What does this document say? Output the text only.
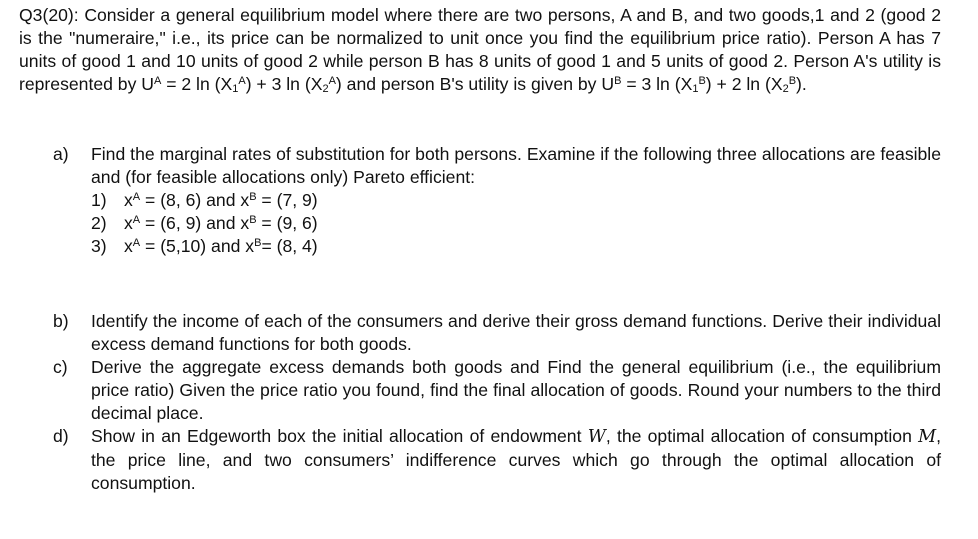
Q3(20): Consider a general equilibrium model where there are two persons, A and B, and two goods,1 and 2 (good 2 is the "numeraire," i.e., its price can be normalized to unit once you find the equilibrium price ratio). Person A has 7 units of good 1 and 10 units of good 2 while person B has 8 units of good 1 and 5 units of good 2. Person A's utility is represented by $U^A = 2$ $\ln (X_1^A) + 3$ $\ln (X_2^A)$ and person B's utility is given by $U^B = 3$ $\ln (X_1^B) + 2$ $\ln (X_2^B)$.
a)	Find the marginal rates of substitution for both persons. Examine if the following three allocations are feasible and (for feasible allocations only) Pareto efficient:
1) $x^A = (8$, 6) and $x^B = (7$, 9)
2) $x^A = (6$, 9) and $x^B = (9$, 6)
3) $x^A = (5,10)$ and $x^B= (8$, 4)
b)	Identify the income of each of the consumers and derive their gross demand functions. Derive their individual excess demand functions for both goods.
c)	Derive the aggregate excess demands both goods and Find the general equilibrium (i.e., the equilibrium price ratio) Given the price ratio you found, find the final allocation of goods. Round your numbers to the third decimal place.
d)	Show in an Edgeworth box the initial allocation of endowment W, the optimal allocation of consumption M, the price line, and two consumers’ indifference curves which go through the optimal allocation of consumption.
